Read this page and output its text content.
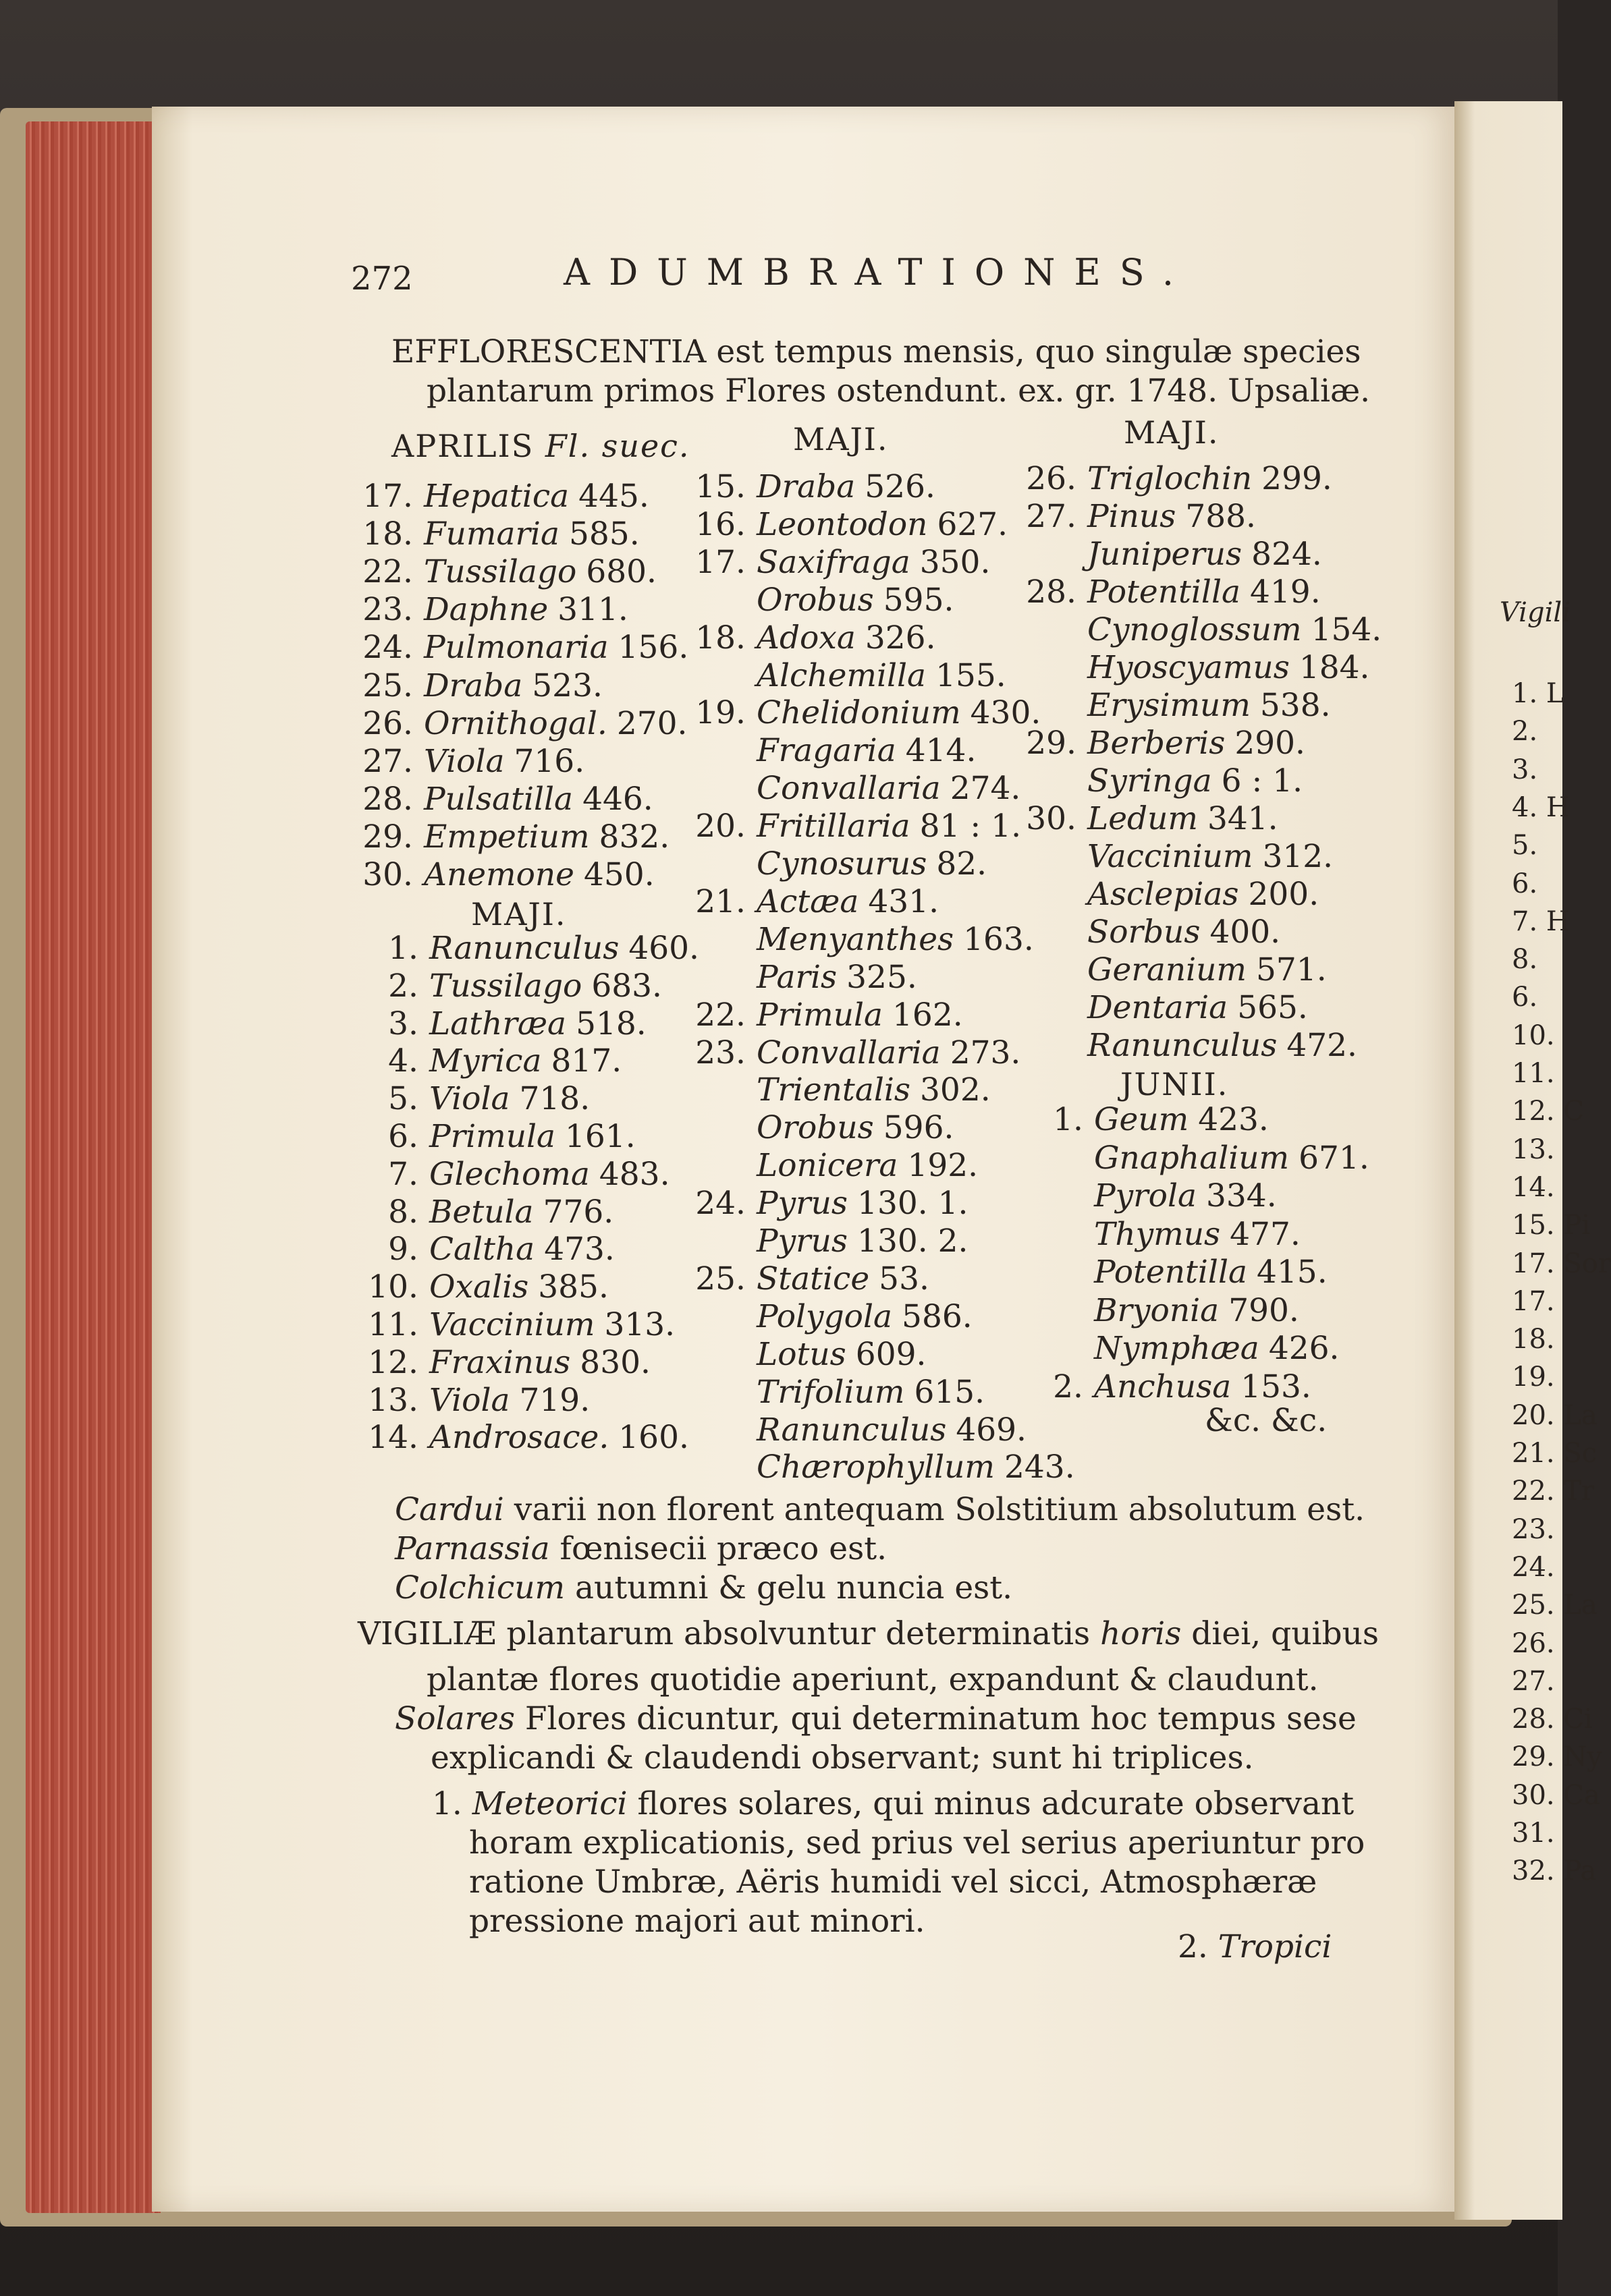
272	ADUMBRATIONES.
EFFLORESCENTIA est tempus mensis, quo singulæ species
plantarum primos Flores ostendunt. ex. gr. 1748. Upsaliæ.
APRILIS Fl. suec.	MAJI.	MAJI.
17. Hepatica 445.
18. Fumaria 585.
22. Tussilago 680.
23. Daphne 311.
24. Pulmonaria 156.
25. Draba 523.
26. Ornithogal. 270.
27. Viola 716.
28. Pulsatilla 446.
29. Empetium 832.
30. Anemone 450.
1. Ranunculus 460.
2. Tussilago 683.
3. Lathræa 518.
4. Myrica 817.
5. Viola 718.
6. Primula 161.
7. Glechoma 483.
8. Betula 776.
9. Caltha 473.
10. Oxalis 385.
11. Vaccinium 313.
12. Fraxinus 830.
13. Viola 719.
14. Androsace. 160.
15. Draba 526.
16. Leontodon 627.
17. Saxifraga 350.
Orobus 595.
18. Adoxa 326.
Alchemilla 155.
19. Chelidonium 430.
Fragaria 414.
Convallaria 274.
20. Fritillaria 81 : 1.
Cynosurus 82.
21. Actæa 431.
Menyanthes 163.
Paris 325.
22. Primula 162.
23. Convallaria 273.
Trientalis 302.
Orobus 596.
Lonicera 192.
24. Pyrus 130. 1.
Pyrus 130. 2.
25. Statice 53.
Polygola 586.
Lotus 609.
Trifolium 615.
Ranunculus 469.
Chærophyllum 243.
26. Triglochin 299.
27. Pinus 788.
Juniperus 824.
28. Potentilla 419.
Cynoglossum 154.
Hyoscyamus 184.
Erysimum 538.
29. Berberis 290.
Syringa 6 : 1.
30. Ledum 341.
Vaccinium 312.
Asclepias 200.
Sorbus 400.
Geranium 571.
Dentaria 565.
Ranunculus 472.
1. Geum 423.
Gnaphalium 671.
Pyrola 334.
Thymus 477.
Potentilla 415.
Bryonia 790.
Nymphæa 426.
2. Anchusa 153.
MAJI.
JUNII.
&c. &c.
Cardui varii non florent antequam Solstitium absolutum est.
Parnassia fœnisecii præco est.
Colchicum autumni & gelu nuncia est.
VIGILIÆ plantarum absolvuntur determinatis horis diei, quibus
plantæ flores quotidie aperiunt, expandunt & claudunt.
Solares Flores dicuntur, qui determinatum hoc tempus sese
explicandi & claudendi observant; sunt hi triplices.
1. Meteorici flores solares, qui minus adcurate observant
horam explicationis, sed prius vel serius aperiuntur pro
ratione Umbræ, Aëris humidi vel sicci, Atmosphæræ
pressione majori aut minori.
2. Tropici
Vigili
1. L
2.
3.
4. H
5.
6.
7. H
8.
6.
10.
11.
12. C
13.
14.
15. Pi
17. Sor
17.
18.
19.
20. La
21. Sc
22. Tr
23.
24.
25. La
26.
27.
28. Ci
29. Ny
30. Ca
31.
32. Pa
